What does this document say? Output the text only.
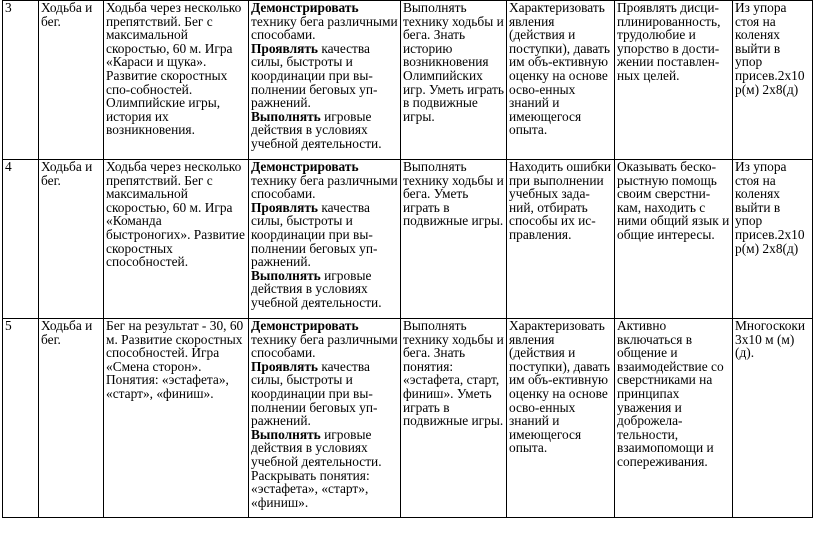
3	Ходьба и бег.	Ходьба через несколько препятствий. Бег с максимальной скоростью, 60 м. Игра «Караси и щука». Развитие скоростных спо-собностей. Олимпийские игры, история их возникновения.	Демонстрировать технику бега различными способами.
Проявлять качества силы, быстроты и координации при вы-полнении беговых уп-ражнений.
Выполнять игровые действия в условиях учебной деятельности.	Выполнять технику ходьбы и бега. Знать историю возникновения Олимпийских игр. Уметь играть в подвижные игры.	Характеризовать явления (действия и поступки), давать им объ-ективную оценку на основе осво-енных знаний и имеющегося опыта.	Проявлять дисци-плинированность, трудолюбие и упорство в дости-жении поставлен-ных целей.	Из упора стоя на коленях выйти в упор присев.2х10 р(м) 2х8(д)
4	Ходьба и бег.	Ходьба через несколько препятствий. Бег с максимальной скоростью, 60 м. Игра «Команда быстроногих». Развитие скоростных способностей.	Демонстрировать технику бега различными способами.
Проявлять качества силы, быстроты и координации при вы-полнении беговых уп-ражнений.
Выполнять игровые действия в условиях учебной деятельности.	Выполнять технику ходьбы и бега. Уметь играть в подвижные игры.	Находить ошибки при выполнении учебных зада-ний, отбирать способы их ис-правления.	Оказывать беско-рыстную помощь своим сверстни-кам, находить с ними общий язык и общие интересы.	Из упора стоя на коленях выйти в упор присев.2х10 р(м) 2х8(д)
5	Ходьба и бег.	Бег на результат - 30, 60 м. Развитие скоростных способностей. Игра «Смена сторон». Понятия: «эстафета», «старт», «финиш».	Демонстрировать технику бега различными способами.
Проявлять качества силы, быстроты и координации при вы-полнении беговых уп-ражнений.
Выполнять игровые действия в условиях учебной деятельности. Раскрывать понятия: «эстафета», «старт», «финиш».	Выполнять технику ходьбы и бега. Знать понятия: «эстафета, старт, финиш». Уметь играть в подвижные игры.	Характеризовать явления (действия и поступки), давать им объ-ективную оценку на основе осво-енных знаний и имеющегося опыта.	Активно включаться в общение и взаимодействие со сверстниками на принципах уважения и доброжела-тельности, взаимопомощи и сопереживания.	Многоскоки 3х10 м (м)(д).
